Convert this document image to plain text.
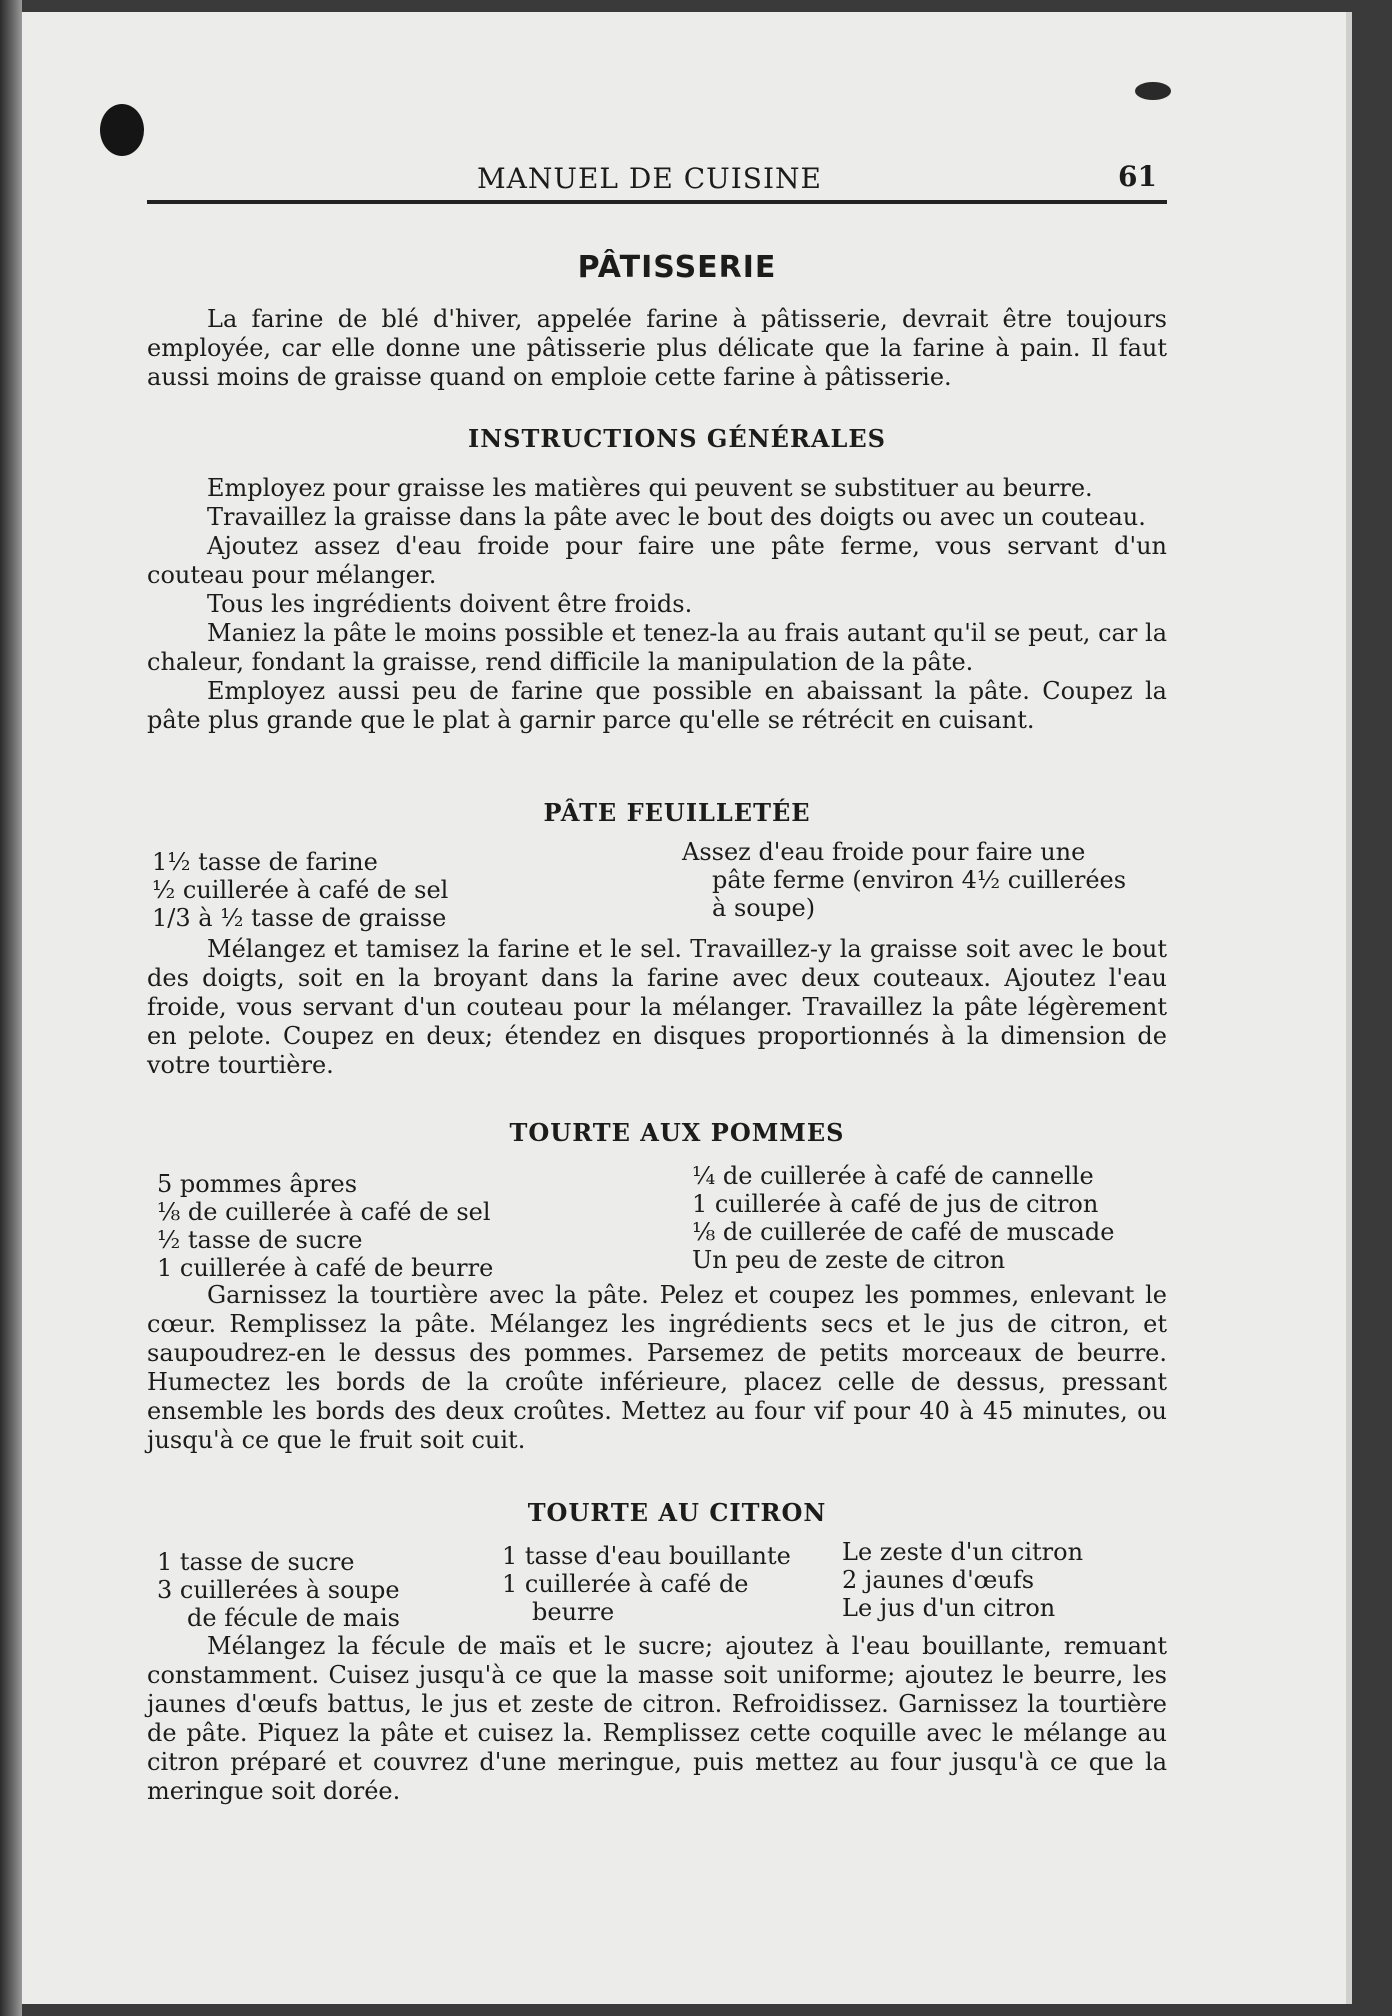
MANUEL DE CUISINE	61
PÂTISSERIE

La farine de blé d'hiver, appelée farine à pâtisserie, devrait être toujours employée, car elle donne une pâtisserie plus délicate que la farine à pain. Il faut aussi moins de graisse quand on emploie cette farine à pâtisserie.

INSTRUCTIONS GÉNÉRALES

Employez pour graisse les matières qui peuvent se substituer au beurre.

Travaillez la graisse dans la pâte avec le bout des doigts ou avec un couteau.

Ajoutez assez d'eau froide pour faire une pâte ferme, vous servant d'un couteau pour mélanger.

Tous les ingrédients doivent être froids.

Maniez la pâte le moins possible et tenez-la au frais autant qu'il se peut, car la chaleur, fondant la graisse, rend difficile la manipulation de la pâte.

Employez aussi peu de farine que possible en abaissant la pâte. Coupez la pâte plus grande que le plat à garnir parce qu'elle se rétrécit en cuisant.

PÂTE FEUILLETÉE
1½ tasse de farine
½ cuillerée à café de sel
1/3 à ½ tasse de graisse
Assez d'eau froide pour faire une
pâte ferme (environ 4½ cuillerées
à soupe)

Mélangez et tamisez la farine et le sel. Travaillez-y la graisse soit avec le bout des doigts, soit en la broyant dans la farine avec deux couteaux. Ajoutez l'eau froide, vous servant d'un couteau pour la mélanger. Travaillez la pâte légèrement en pelote. Coupez en deux; étendez en disques proportionnés à la dimension de votre tourtière.

TOURTE AUX POMMES
5 pommes âpres
⅛ de cuillerée à café de sel
½ tasse de sucre
1 cuillerée à café de beurre
¼ de cuillerée à café de cannelle
1 cuillerée à café de jus de citron
⅛ de cuillerée de café de muscade
Un peu de zeste de citron

Garnissez la tourtière avec la pâte. Pelez et coupez les pommes, enlevant le cœur. Remplissez la pâte. Mélangez les ingrédients secs et le jus de citron, et saupoudrez-en le dessus des pommes. Parsemez de petits morceaux de beurre. Humectez les bords de la croûte inférieure, placez celle de dessus, pressant ensemble les bords des deux croûtes. Mettez au four vif pour 40 à 45 minutes, ou jusqu'à ce que le fruit soit cuit.

TOURTE AU CITRON
1 tasse de sucre
3 cuillerées à soupe
de fécule de mais
1 tasse d'eau bouillante
1 cuillerée à café de
beurre
Le zeste d'un citron
2 jaunes d'œufs
Le jus d'un citron

Mélangez la fécule de maïs et le sucre; ajoutez à l'eau bouillante, remuant constamment. Cuisez jusqu'à ce que la masse soit uniforme; ajoutez le beurre, les jaunes d'œufs battus, le jus et zeste de citron. Refroidissez. Garnissez la tourtière de pâte. Piquez la pâte et cuisez la. Remplissez cette coquille avec le mélange au citron préparé et couvrez d'une meringue, puis mettez au four jusqu'à ce que la meringue soit dorée.
